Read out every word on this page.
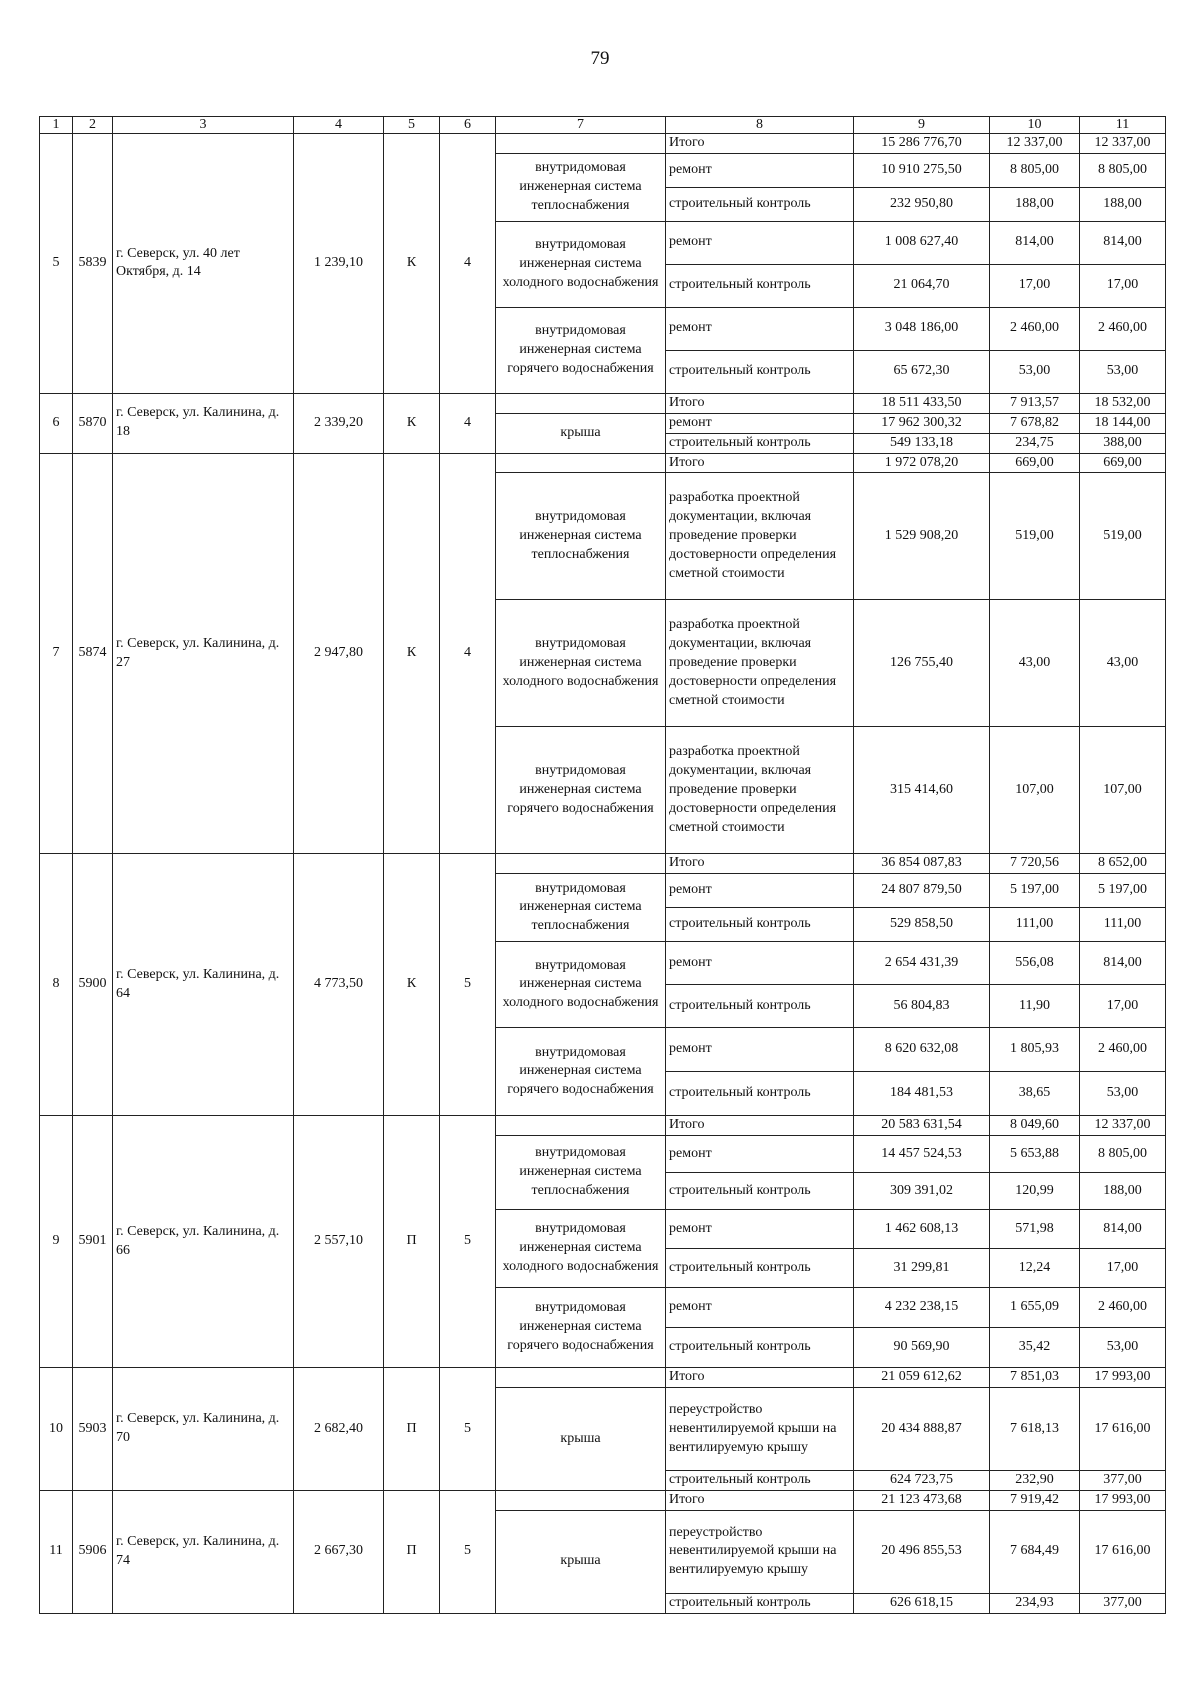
79
1	2	3	4	5	6	7	8	9	10	11
5	5839	г. Северск, ул. 40 лет Октября, д. 14	1 239,10	К	4		Итого	15 286 776,70	12 337,00	12 337,00
						внутридомовая инженерная система теплоснабжения	ремонт	10 910 275,50	8 805,00	8 805,00
							строительный контроль	232 950,80	188,00	188,00
						внутридомовая инженерная система холодного водоснабжения	ремонт	1 008 627,40	814,00	814,00
							строительный контроль	21 064,70	17,00	17,00
						внутридомовая инженерная система горячего водоснабжения	ремонт	3 048 186,00	2 460,00	2 460,00
							строительный контроль	65 672,30	53,00	53,00
6	5870	г. Северск, ул. Калинина, д. 18	2 339,20	К	4		Итого	18 511 433,50	7 913,57	18 532,00
						крыша	ремонт	17 962 300,32	7 678,82	18 144,00
							строительный контроль	549 133,18	234,75	388,00
7	5874	г. Северск, ул. Калинина, д. 27	2 947,80	К	4		Итого	1 972 078,20	669,00	669,00
						внутридомовая инженерная система теплоснабжения	разработка проектной документации, включая проведение проверки достоверности определения сметной стоимости	1 529 908,20	519,00	519,00
						внутридомовая инженерная система холодного водоснабжения	разработка проектной документации, включая проведение проверки достоверности определения сметной стоимости	126 755,40	43,00	43,00
						внутридомовая инженерная система горячего водоснабжения	разработка проектной документации, включая проведение проверки достоверности определения сметной стоимости	315 414,60	107,00	107,00
8	5900	г. Северск, ул. Калинина, д. 64	4 773,50	К	5		Итого	36 854 087,83	7 720,56	8 652,00
						внутридомовая инженерная система теплоснабжения	ремонт	24 807 879,50	5 197,00	5 197,00
							строительный контроль	529 858,50	111,00	111,00
						внутридомовая инженерная система холодного водоснабжения	ремонт	2 654 431,39	556,08	814,00
							строительный контроль	56 804,83	11,90	17,00
						внутридомовая инженерная система горячего водоснабжения	ремонт	8 620 632,08	1 805,93	2 460,00
							строительный контроль	184 481,53	38,65	53,00
9	5901	г. Северск, ул. Калинина, д. 66	2 557,10	П	5		Итого	20 583 631,54	8 049,60	12 337,00
						внутридомовая инженерная система теплоснабжения	ремонт	14 457 524,53	5 653,88	8 805,00
							строительный контроль	309 391,02	120,99	188,00
						внутридомовая инженерная система холодного водоснабжения	ремонт	1 462 608,13	571,98	814,00
							строительный контроль	31 299,81	12,24	17,00
						внутридомовая инженерная система горячего водоснабжения	ремонт	4 232 238,15	1 655,09	2 460,00
							строительный контроль	90 569,90	35,42	53,00
10	5903	г. Северск, ул. Калинина, д. 70	2 682,40	П	5		Итого	21 059 612,62	7 851,03	17 993,00
						крыша	переустройство невентилируемой крыши на вентилируемую крышу	20 434 888,87	7 618,13	17 616,00
							строительный контроль	624 723,75	232,90	377,00
11	5906	г. Северск, ул. Калинина, д. 74	2 667,30	П	5		Итого	21 123 473,68	7 919,42	17 993,00
						крыша	переустройство невентилируемой крыши на вентилируемую крышу	20 496 855,53	7 684,49	17 616,00
							строительный контроль	626 618,15	234,93	377,00
